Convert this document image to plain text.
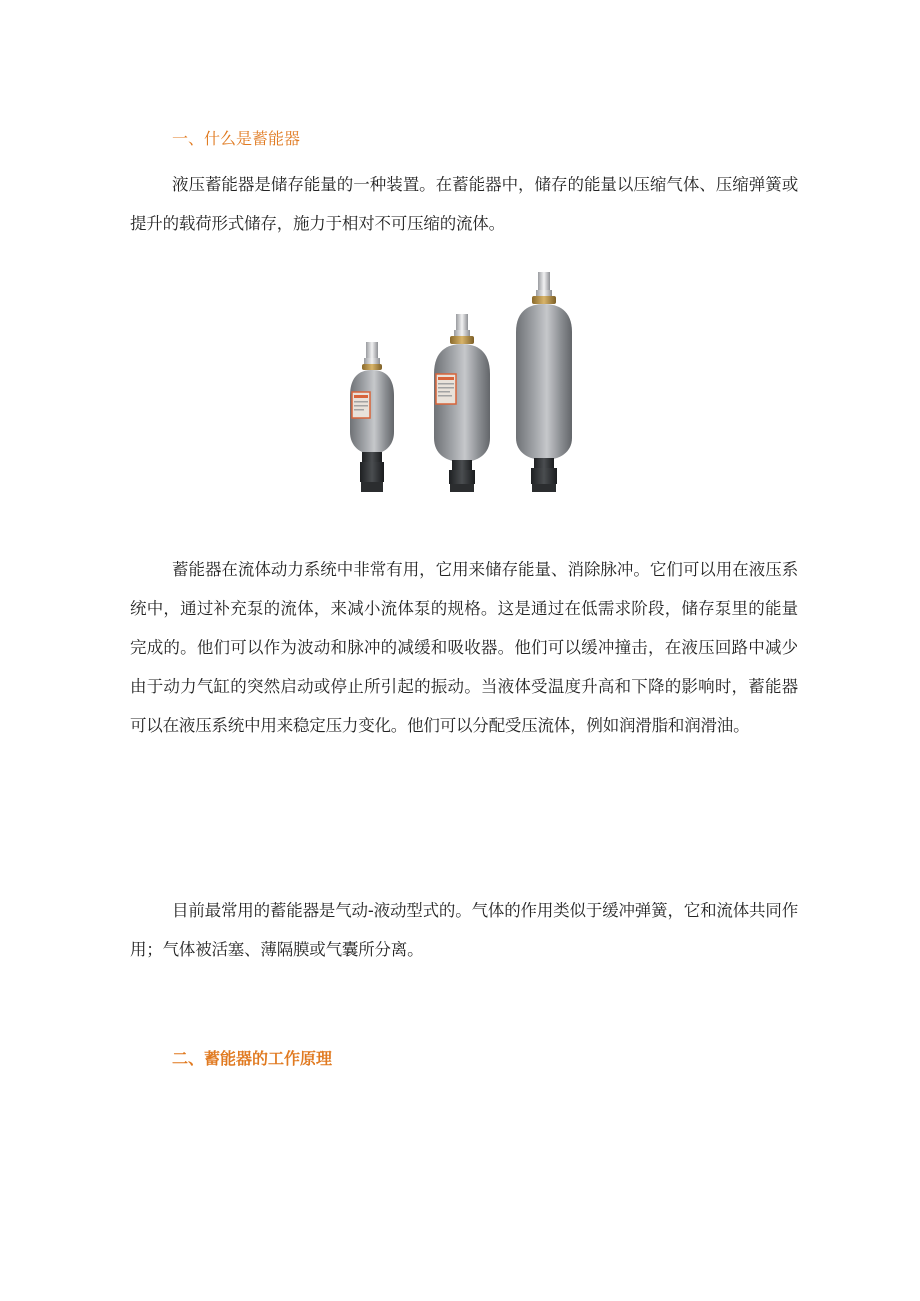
一、什么是蓄能器

液压蓄能器是储存能量的一种装置。在蓄能器中，储存的能量以压缩气体、压缩弹簧或提升的载荷形式储存，施力于相对不可压缩的流体。

蓄能器在流体动力系统中非常有用，它用来储存能量、消除脉冲。它们可以用在液压系统中，通过补充泵的流体，来减小流体泵的规格。这是通过在低需求阶段，储存泵里的能量完成的。他们可以作为波动和脉冲的减缓和吸收器。他们可以缓冲撞击，在液压回路中减少由于动力气缸的突然启动或停止所引起的振动。当液体受温度升高和下降的影响时，蓄能器可以在液压系统中用来稳定压力变化。他们可以分配受压流体，例如润滑脂和润滑油。

目前最常用的蓄能器是气动-液动型式的。气体的作用类似于缓冲弹簧，它和流体共同作用；气体被活塞、薄隔膜或气囊所分离。

二、蓄能器的工作原理
